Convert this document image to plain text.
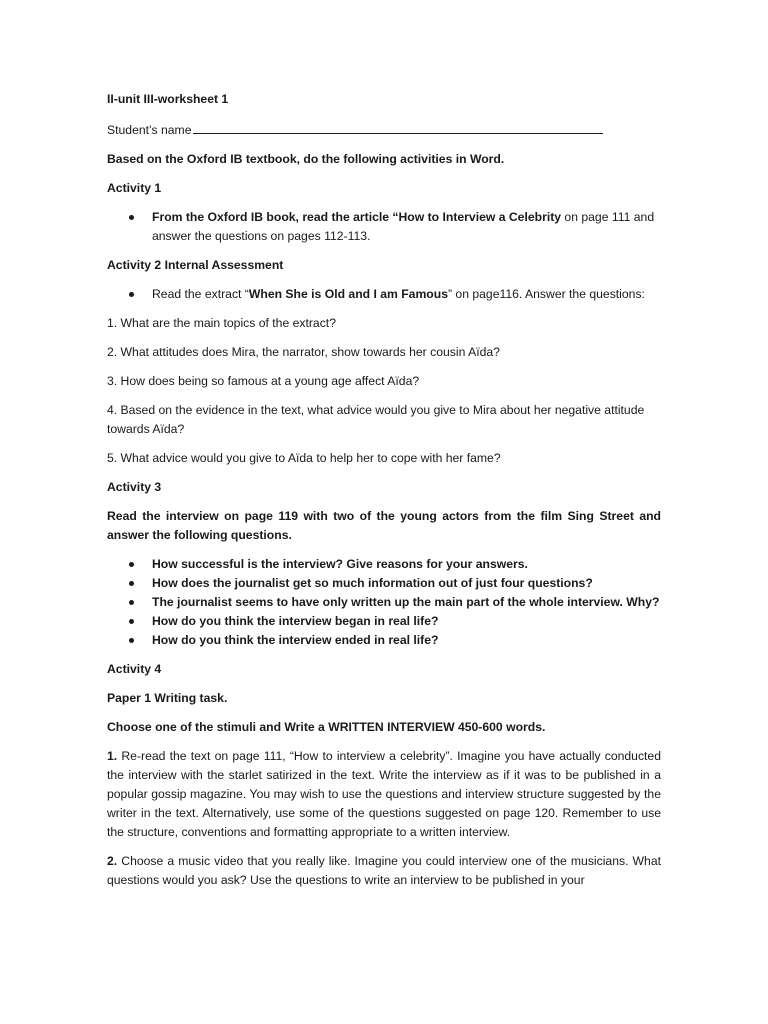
II-unit III-worksheet 1

Student’s name

Based on the Oxford IB textbook, do the following activities in Word.

Activity 1

From the Oxford IB book, read the article “How to Interview a Celebrity on page 111 and answer the questions on pages 112-113.

Activity 2 Internal Assessment

Read the extract “When She is Old and I am Famous” on page116. Answer the questions:

1. What are the main topics of the extract?

2. What attitudes does Mira, the narrator, show towards her cousin Aïda?

3. How does being so famous at a young age affect Aïda?

4. Based on the evidence in the text, what advice would you give to Mira about her negative attitude towards Aïda?

5. What advice would you give to Aïda to help her to cope with her fame?

Activity 3

Read the interview on page 119 with two of the young actors from the film Sing Street and answer the following questions.

How successful is the interview? Give reasons for your answers.
How does the journalist get so much information out of just four questions?
The journalist seems to have only written up the main part of the whole interview. Why?
How do you think the interview began in real life?
How do you think the interview ended in real life?

Activity 4

Paper 1 Writing task.

Choose one of the stimuli and Write a WRITTEN INTERVIEW 450-600 words.

1. Re-read the text on page 111, “How to interview a celebrity”. Imagine you have actually conducted the interview with the starlet satirized in the text. Write the interview as if it was to be published in a popular gossip magazine. You may wish to use the questions and interview structure suggested by the writer in the text. Alternatively, use some of the questions suggested on page 120. Remember to use the structure, conventions and formatting appropriate to a written interview.

2. Choose a music video that you really like. Imagine you could interview one of the musicians. What questions would you ask? Use the questions to write an interview to be published in your
